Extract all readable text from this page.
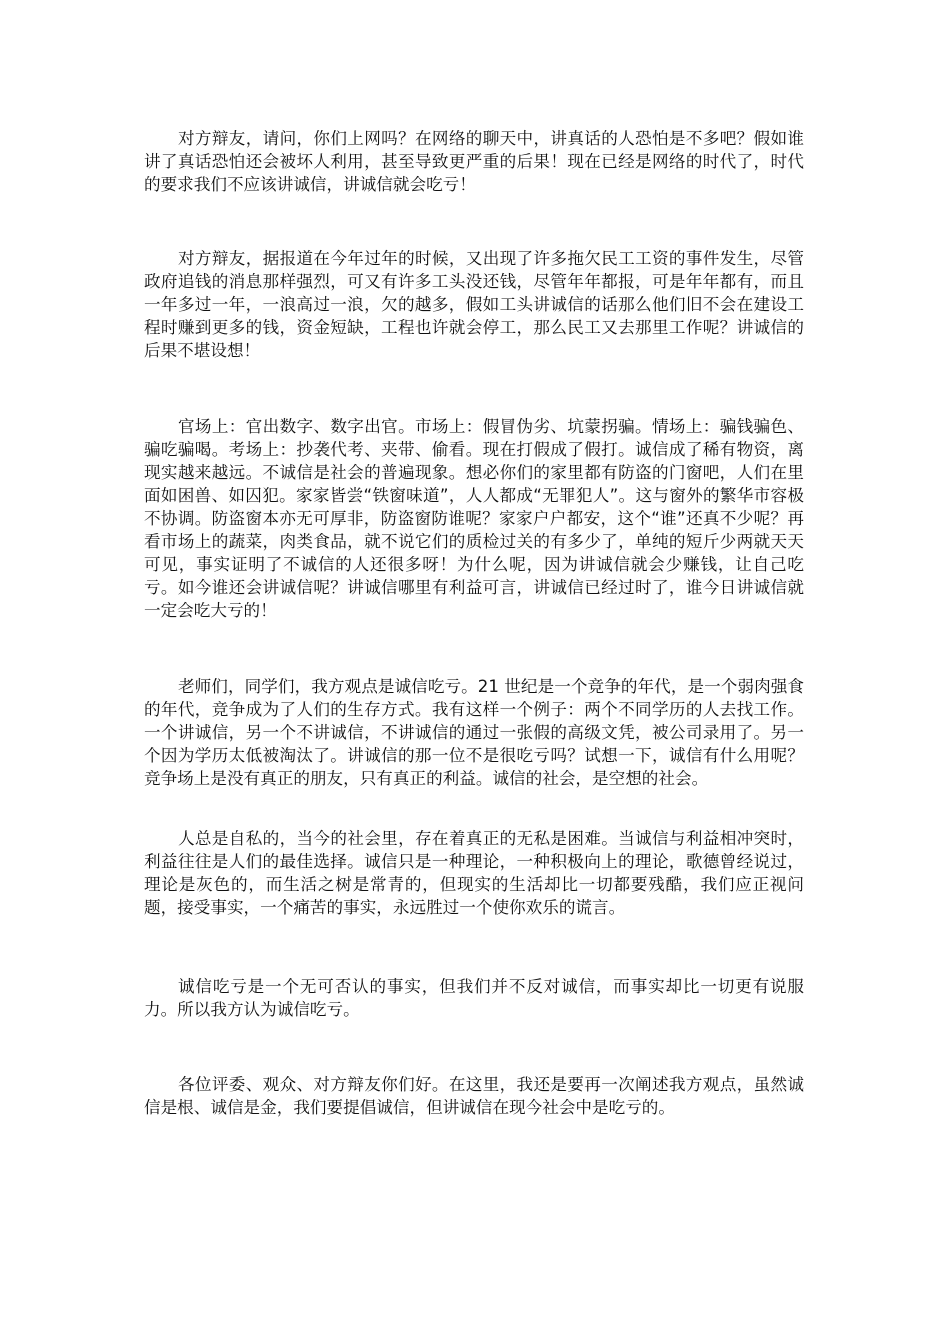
对方辩友，请问，你们上网吗？在网络的聊天中，讲真话的人恐怕是不多吧？假如谁讲了真话恐怕还会被坏人利用，甚至导致更严重的后果！现在已经是网络的时代了，时代的要求我们不应该讲诚信，讲诚信就会吃亏！

对方辩友，据报道在今年过年的时候，又出现了许多拖欠民工工资的事件发生，尽管政府追钱的消息那样强烈，可又有许多工头没还钱，尽管年年都报，可是年年都有，而且一年多过一年，一浪高过一浪，欠的越多，假如工头讲诚信的话那么他们旧不会在建设工程时赚到更多的钱，资金短缺，工程也许就会停工，那么民工又去那里工作呢？讲诚信的后果不堪设想！

官场上：官出数字、数字出官。市场上：假冒伪劣、坑蒙拐骗。情场上：骗钱骗色、骗吃骗喝。考场上：抄袭代考、夹带、偷看。现在打假成了假打。诚信成了稀有物资，离现实越来越远。不诚信是社会的普遍现象。想必你们的家里都有防盗的门窗吧，人们在里面如困兽、如囚犯。家家皆尝“铁窗味道”，人人都成“无罪犯人”。这与窗外的繁华市容极不协调。防盗窗本亦无可厚非，防盗窗防谁呢？家家户户都安，这个“谁”还真不少呢？再看市场上的蔬菜，肉类食品，就不说它们的质检过关的有多少了，单纯的短斤少两就天天可见，事实证明了不诚信的人还很多呀！为什么呢，因为讲诚信就会少赚钱，让自己吃亏。如今谁还会讲诚信呢？讲诚信哪里有利益可言，讲诚信已经过时了，谁今日讲诚信就一定会吃大亏的！

老师们，同学们，我方观点是诚信吃亏。21 世纪是一个竞争的年代，是一个弱肉强食的年代，竞争成为了人们的生存方式。我有这样一个例子：两个不同学历的人去找工作。一个讲诚信，另一个不讲诚信，不讲诚信的通过一张假的高级文凭，被公司录用了。另一个因为学历太低被淘汰了。讲诚信的那一位不是很吃亏吗？试想一下，诚信有什么用呢？竞争场上是没有真正的朋友，只有真正的利益。诚信的社会，是空想的社会。

人总是自私的，当今的社会里，存在着真正的无私是困难。当诚信与利益相冲突时，利益往往是人们的最佳选择。诚信只是一种理论，一种积极向上的理论，歌德曾经说过，理论是灰色的，而生活之树是常青的，但现实的生活却比一切都要残酷，我们应正视问题，接受事实，一个痛苦的事实，永远胜过一个使你欢乐的谎言。

诚信吃亏是一个无可否认的事实，但我们并不反对诚信，而事实却比一切更有说服力。所以我方认为诚信吃亏。

各位评委、观众、对方辩友你们好。在这里，我还是要再一次阐述我方观点，虽然诚信是根、诚信是金，我们要提倡诚信，但讲诚信在现今社会中是吃亏的。
